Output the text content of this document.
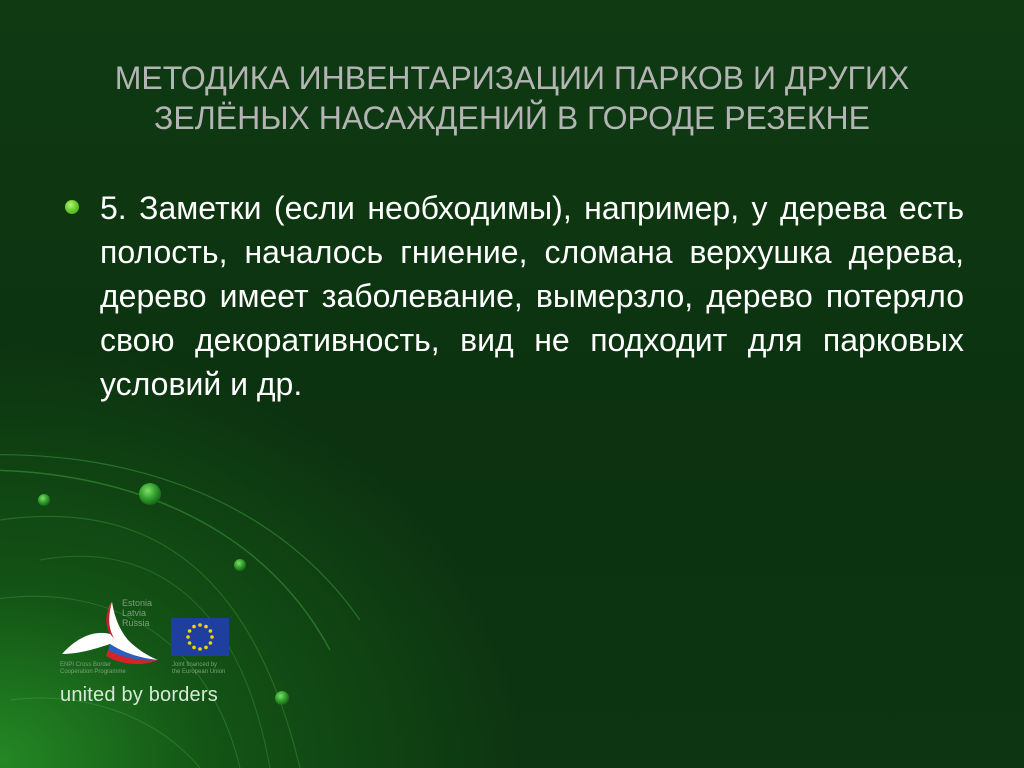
МЕТОДИКА ИНВЕНТАРИЗАЦИИ ПАРКОВ И ДРУГИХ
ЗЕЛЁНЫХ НАСАЖДЕНИЙ В ГОРОДЕ РЕЗЕКНЕ
5. Заметки (если необходимы), например, у дерева есть полость, началось гниение, сломана верхушка дерева, дерево имеет заболевание, вымерзло, дерево потеряло свою декоративность, вид не подходит для парковых условий и др.
Estonia
Latvia
Russia
ENPI Cross Border
Cooperation Programme
Joint financed by
the European Union
united by borders
